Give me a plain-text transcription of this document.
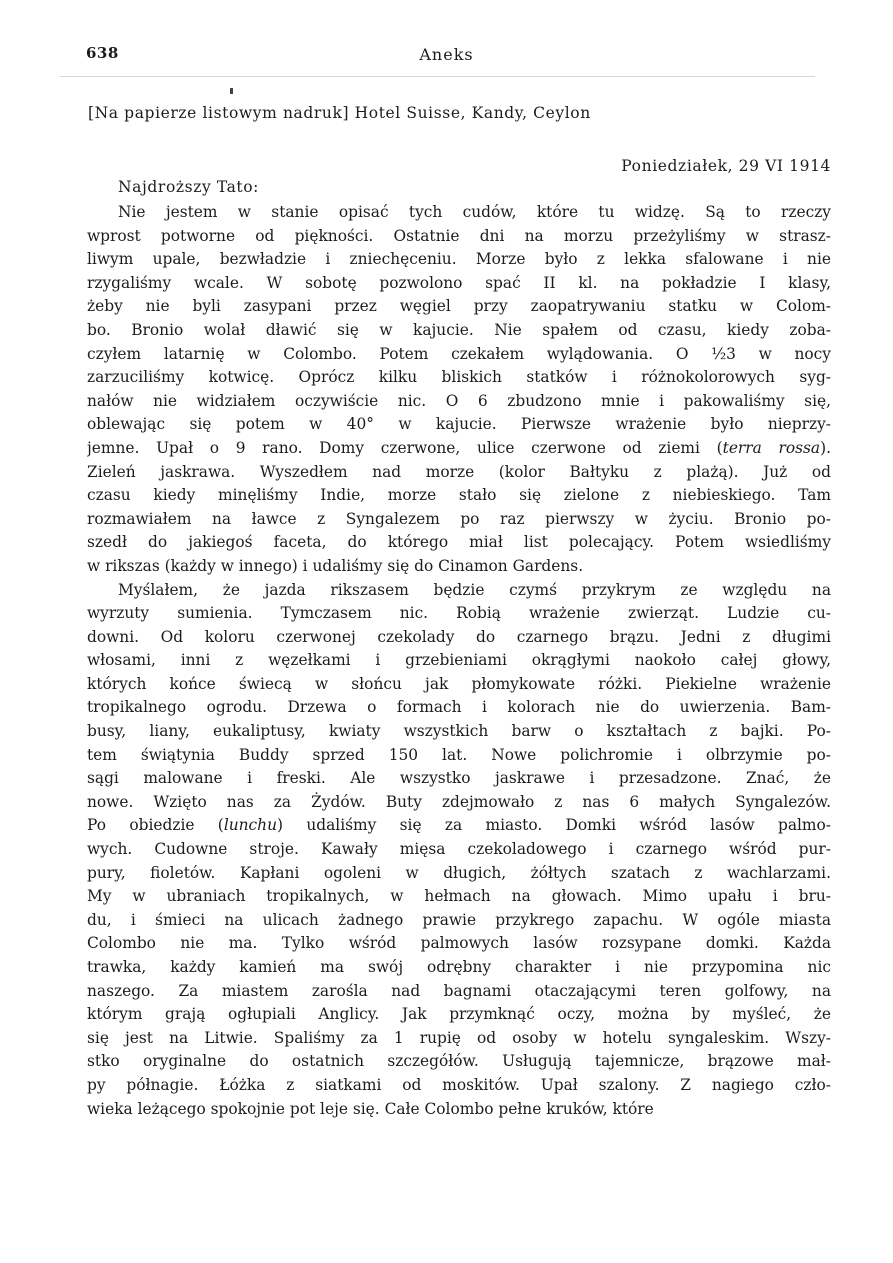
638	Aneks
[Na papierze listowym nadruk] Hotel Suisse, Kandy, Ceylon
Poniedziałek, 29 VI 1914
Najdroższy Tato:
Nie jestem w stanie opisać tych cudów, które tu widzę. Są to rzeczy
wprost potworne od piękności. Ostatnie dni na morzu przeżyliśmy w strasz-
liwym upale, bezwładzie i zniechęceniu. Morze było z lekka sfalowane i nie
rzygaliśmy wcale. W sobotę pozwolono spać II kl. na pokładzie I klasy,
żeby nie byli zasypani przez węgiel przy zaopatrywaniu statku w Colom-
bo. Bronio wolał dławić się w kajucie. Nie spałem od czasu, kiedy zoba-
czyłem latarnię w Colombo. Potem czekałem wylądowania. O ½3 w nocy
zarzuciliśmy kotwicę. Oprócz kilku bliskich statków i różnokolorowych syg-
nałów nie widziałem oczywiście nic. O 6 zbudzono mnie i pakowaliśmy się,
oblewając się potem w 40° w kajucie. Pierwsze wrażenie było nieprzy-
jemne. Upał o 9 rano. Domy czerwone, ulice czerwone od ziemi (terra rossa).
Zieleń jaskrawa. Wyszedłem nad morze (kolor Bałtyku z plażą). Już od
czasu kiedy minęliśmy Indie, morze stało się zielone z niebieskiego. Tam
rozmawiałem na ławce z Syngalezem po raz pierwszy w życiu. Bronio po-
szedł do jakiegoś faceta, do którego miał list polecający. Potem wsiedliśmy
w rikszas (każdy w innego) i udaliśmy się do Cinamon Gardens.
Myślałem, że jazda rikszasem będzie czymś przykrym ze względu na
wyrzuty sumienia. Tymczasem nic. Robią wrażenie zwierząt. Ludzie cu-
downi. Od koloru czerwonej czekolady do czarnego brązu. Jedni z długimi
włosami, inni z węzełkami i grzebieniami okrągłymi naokoło całej głowy,
których końce świecą w słońcu jak płomykowate różki. Piekielne wrażenie
tropikalnego ogrodu. Drzewa o formach i kolorach nie do uwierzenia. Bam-
busy, liany, eukaliptusy, kwiaty wszystkich barw o kształtach z bajki. Po-
tem świątynia Buddy sprzed 150 lat. Nowe polichromie i olbrzymie po-
sągi malowane i freski. Ale wszystko jaskrawe i przesadzone. Znać, że
nowe. Wzięto nas za Żydów. Buty zdejmowało z nas 6 małych Syngalezów.
Po obiedzie (lunchu) udaliśmy się za miasto. Domki wśród lasów palmo-
wych. Cudowne stroje. Kawały mięsa czekoladowego i czarnego wśród pur-
pury, fioletów. Kapłani ogoleni w długich, żółtych szatach z wachlarzami.
My w ubraniach tropikalnych, w hełmach na głowach. Mimo upału i bru-
du, i śmieci na ulicach żadnego prawie przykrego zapachu. W ogóle miasta
Colombo nie ma. Tylko wśród palmowych lasów rozsypane domki. Każda
trawka, każdy kamień ma swój odrębny charakter i nie przypomina nic
naszego. Za miastem zarośla nad bagnami otaczającymi teren golfowy, na
którym grają ogłupiali Anglicy. Jak przymknąć oczy, można by myśleć, że
się jest na Litwie. Spaliśmy za 1 rupię od osoby w hotelu syngaleskim. Wszy-
stko oryginalne do ostatnich szczegółów. Usługują tajemnicze, brązowe mał-
py półnagie. Łóżka z siatkami od moskitów. Upał szalony. Z nagiego czło-
wieka leżącego spokojnie pot leje się. Całe Colombo pełne kruków, które
